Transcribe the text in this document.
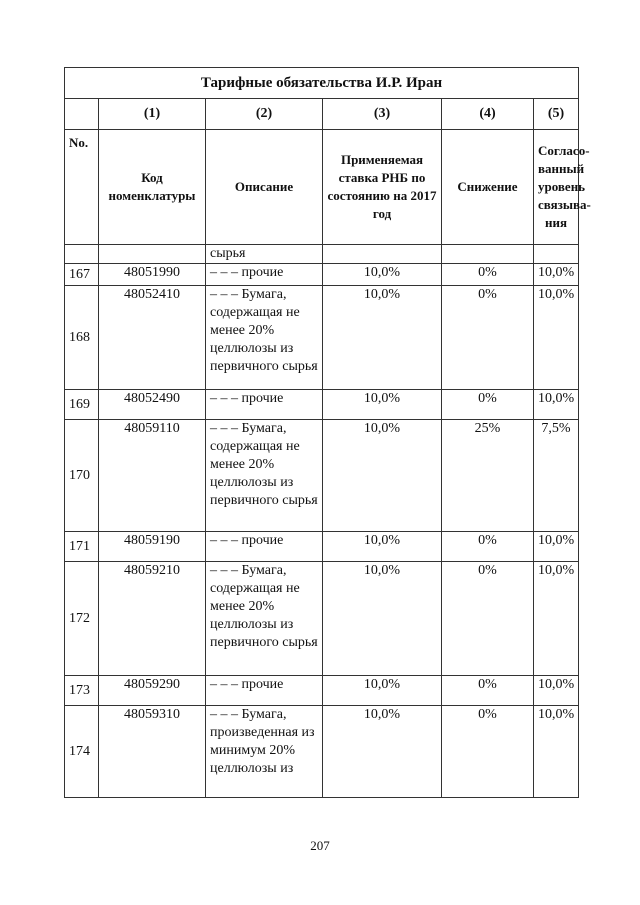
Тарифные обязательства И.Р. Иран					
	(1)	(2)	(3)	(4)	(5)
No.	Код номенклатуры	Описание	Применяемая ставка РНБ по состоянию на 2017 год	Снижение	Согласо-ванный уровень связыва-ния
		сырья			
167	48051990	– – – прочие	10,0%	0%	10,0%
168	48052410	– – – Бумага, содержащая не менее 20% целлюлозы из первичного сырья	10,0%	0%	10,0%
169	48052490	– – – прочие	10,0%	0%	10,0%
170	48059110	– – – Бумага, содержащая не менее 20% целлюлозы из первичного сырья	10,0%	25%	7,5%
171	48059190	– – – прочие	10,0%	0%	10,0%
172	48059210	– – – Бумага, содержащая не менее 20% целлюлозы из первичного сырья	10,0%	0%	10,0%
173	48059290	– – – прочие	10,0%	0%	10,0%
174	48059310	– – – Бумага, произведенная из минимум 20% целлюлозы из	10,0%	0%	10,0%
207
